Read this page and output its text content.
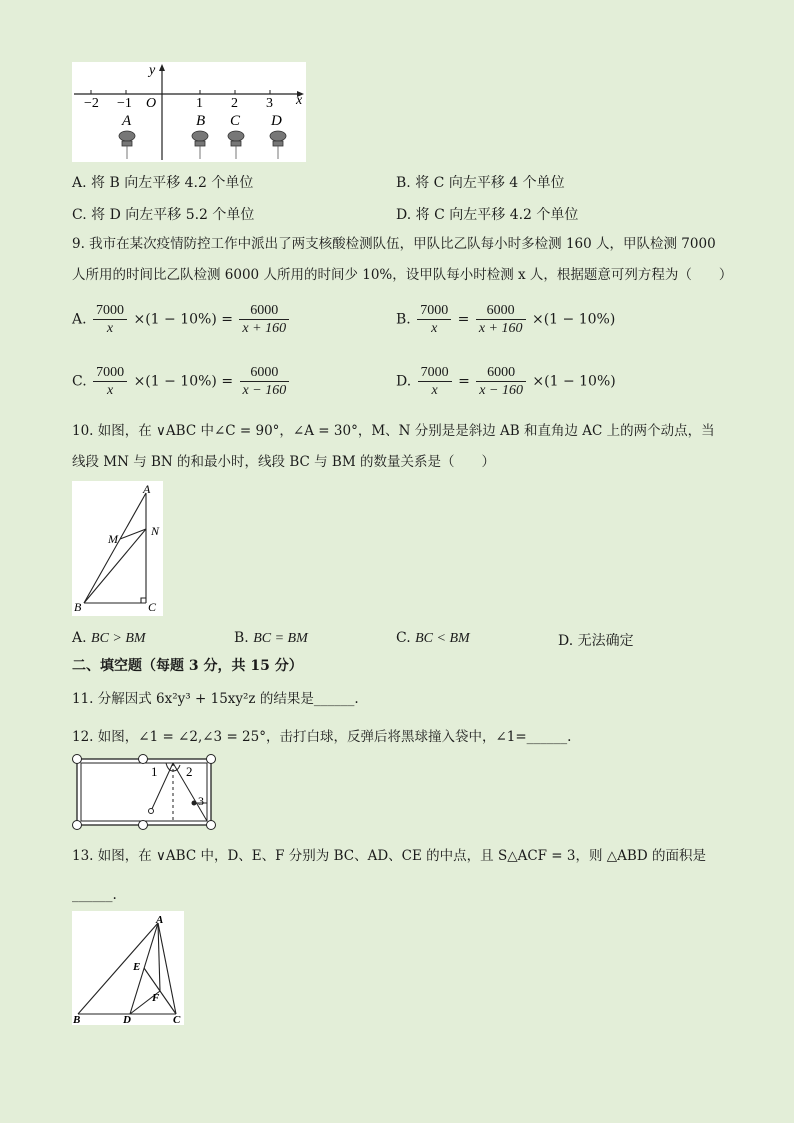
−2 −1 O	1 2 3 x
y
A	B C D
A. 将 B 向左平移 4.2 个单位	B. 将 C 向左平移 4 个单位
C. 将 D 向左平移 5.2 个单位	D. 将 C 向左平移 4.2 个单位
9. 我市在某次疫情防控工作中派出了两支核酸检测队伍，甲队比乙队每小时多检测 160 人，甲队检测 7000
人所用的时间比乙队检测 6000 人所用的时间少 10%，设甲队每小时检测 x 人，根据题意可列方程为（　　）
A. $\frac{7000}{x} \times(1 - 10\%) = \frac{6000}{x + 160}$	B. $\frac{7000}{x} = \frac{6000}{x + 160} \times(1 - 10\%)$
C. $\frac{7000}{x} \times(1 - 10\%) = \frac{6000}{x - 160}$	D. $\frac{7000}{x} = \frac{6000}{x - 160} \times(1 - 10\%)$
10. 如图，在 ∨ABC 中∠C = 90°，∠A = 30°，M、N 分别是是斜边 AB 和直角边 AC 上的两个动点，当
线段 MN 与 BN 的和最小时，线段 BC 与 BM 的数量关系是（　　）
A
M
N
B	C
A. BC > BM	B. BC = BM	C. BC < BM	D. 无法确定
二、填空题（每题 3 分，共 15 分）
11. 分解因式 6x²y³ + 15xy²z 的结果是______.
12. 如图，∠1 = ∠2,∠3 = 25°，击打白球，反弹后将黑球撞入袋中，∠1=______.
1 2
3
13. 如图，在 ∨ABC 中，D、E、F 分别为 BC、AD、CE 的中点，且 S△ACF = 3，则 △ABD 的面积是
______.
A
E
F
B	D	C
